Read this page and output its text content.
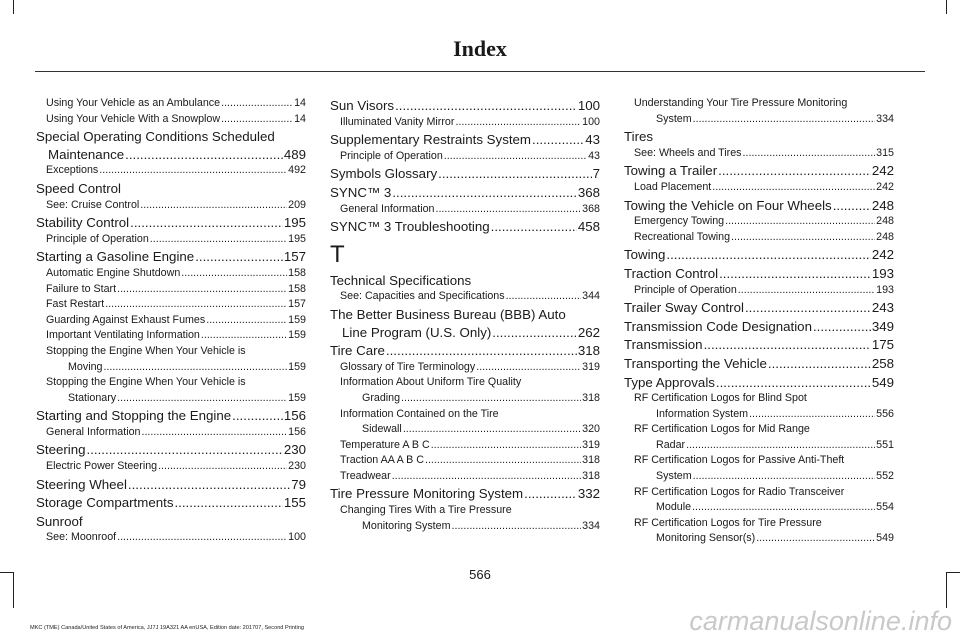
Index
Using Your Vehicle as an Ambulance .....	14
Using Your Vehicle With a Snowplow .....	14
Special Operating Conditions Scheduled
Maintenance .....	489
Exceptions .....	492
Speed Control
See: Cruise Control .....	209
Stability Control .....	195
Principle of Operation .....	195
Starting a Gasoline Engine .....	157
Automatic Engine Shutdown .....	158
Failure to Start .....	158
Fast Restart .....	157
Guarding Against Exhaust Fumes .....	159
Important Ventilating Information .....	159
Stopping the Engine When Your Vehicle is
Moving .....	159
Stopping the Engine When Your Vehicle is
Stationary .....	159
Starting and Stopping the Engine .....	156
General Information .....	156
Steering .....	230
Electric Power Steering .....	230
Steering Wheel .....	79
Storage Compartments .....	155
Sunroof
See: Moonroof .....	100
Sun Visors .....	100
Illuminated Vanity Mirror .....	100
Supplementary Restraints System .....	43
Principle of Operation .....	43
Symbols Glossary .....	7
SYNC™ 3 .....	368
General Information .....	368
SYNC™ 3 Troubleshooting .....	458
T
Technical Specifications
See: Capacities and Specifications .....	344
The Better Business Bureau (BBB) Auto
Line Program (U.S. Only) .....	262
Tire Care .....	318
Glossary of Tire Terminology .....	319
Information About Uniform Tire Quality
Grading .....	318
Information Contained on the Tire
Sidewall .....	320
Temperature A B C .....	319
Traction AA A B C .....	318
Treadwear .....	318
Tire Pressure Monitoring System .....	332
Changing Tires With a Tire Pressure
Monitoring System .....	334
Understanding Your Tire Pressure Monitoring
System .....	334
Tires
See: Wheels and Tires .....	315
Towing a Trailer .....	242
Load Placement .....	242
Towing the Vehicle on Four Wheels .....	248
Emergency Towing .....	248
Recreational Towing .....	248
Towing .....	242
Traction Control .....	193
Principle of Operation .....	193
Trailer Sway Control .....	243
Transmission Code Designation .....	349
Transmission .....	175
Transporting the Vehicle .....	258
Type Approvals .....	549
RF Certification Logos for Blind Spot
Information System .....	556
RF Certification Logos for Mid Range
Radar .....	551
RF Certification Logos for Passive Anti-Theft
System .....	552
RF Certification Logos for Radio Transceiver
Module .....	554
RF Certification Logos for Tire Pressure
Monitoring Sensor(s) .....	549
566
MKC (TME) Canada/United States of America, JJ7J 19A321 AA enUSA, Edition date: 201707, Second Printing	carmanualsonline.info
